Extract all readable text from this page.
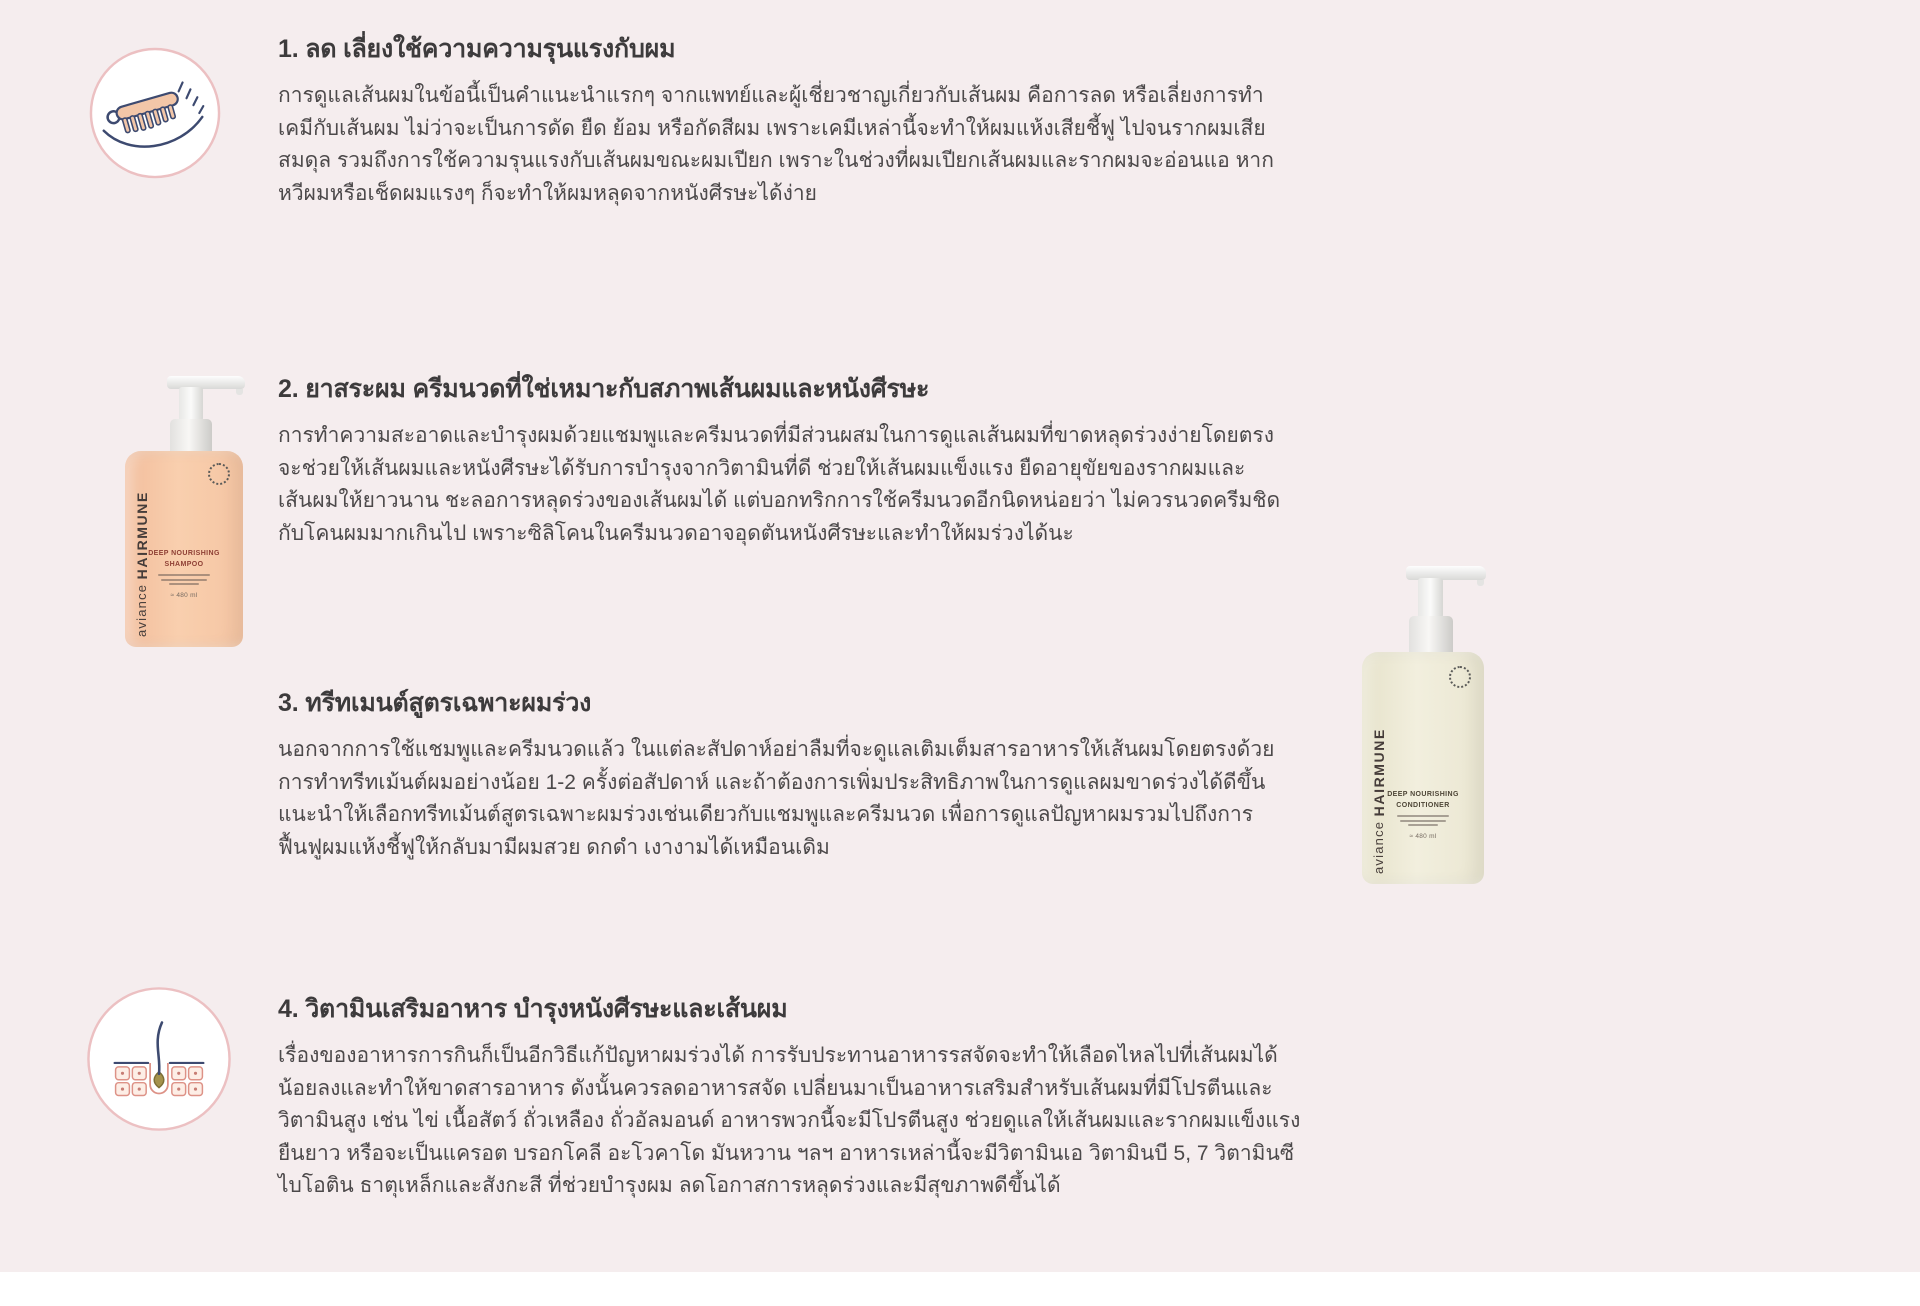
1. ลด เลี่ยงใช้ความความรุนแรงกับผม

การดูแลเส้นผมในข้อนี้เป็นคำแนะนำแรกๆ จากแพทย์และผู้เชี่ยวชาญเกี่ยวกับเส้นผม คือการลด หรือเลี่ยงการทำเคมีกับเส้นผม ไม่ว่าจะเป็นการดัด ยืด ย้อม หรือกัดสีผม เพราะเคมีเหล่านี้จะทำให้ผมแห้งเสียชี้ฟู ไปจนรากผมเสียสมดุล รวมถึงการใช้ความรุนแรงกับเส้นผมขณะผมเปียก เพราะในช่วงที่ผมเปียกเส้นผมและรากผมจะอ่อนแอ หากหวีผมหรือเช็ดผมแรงๆ ก็จะทำให้ผมหลุดจากหนังศีรษะได้ง่าย

aviance HAIRMUNE
DEEP NOURISHING
SHAMPOO
≈ 480 ml
2. ยาสระผม ครีมนวดที่ใช่เหมาะกับสภาพเส้นผมและหนังศีรษะ

การทำความสะอาดและบำรุงผมด้วยแชมพูและครีมนวดที่มีส่วนผสมในการดูแลเส้นผมที่ขาดหลุดร่วงง่ายโดยตรง จะช่วยให้เส้นผมและหนังศีรษะได้รับการบำรุงจากวิตามินที่ดี ช่วยให้เส้นผมแข็งแรง ยืดอายุขัยของรากผมและเส้นผมให้ยาวนาน ชะลอการหลุดร่วงของเส้นผมได้ แต่บอกทริกการใช้ครีมนวดอีกนิดหน่อยว่า ไม่ควรนวดครีมชิดกับโคนผมมากเกินไป เพราะซิลิโคนในครีมนวดอาจอุดตันหนังศีรษะและทำให้ผมร่วงได้นะ

3. ทรีทเมนต์สูตรเฉพาะผมร่วง

นอกจากการใช้แชมพูและครีมนวดแล้ว ในแต่ละสัปดาห์อย่าลืมที่จะดูแลเติมเต็มสารอาหารให้เส้นผมโดยตรงด้วยการทำทรีทเม้นต์ผมอย่างน้อย 1-2 ครั้งต่อสัปดาห์ และถ้าต้องการเพิ่มประสิทธิภาพในการดูแลผมขาดร่วงได้ดีขึ้น แนะนำให้เลือกทรีทเม้นต์สูตรเฉพาะผมร่วงเช่นเดียวกับแชมพูและครีมนวด เพื่อการดูแลปัญหาผมรวมไปถึงการฟื้นฟูผมแห้งชี้ฟูให้กลับมามีผมสวย ดกดำ เงางามได้เหมือนเดิม	aviance HAIRMUNE DEEP NOURISHING
CONDITIONER
≈ 480 ml
4. วิตามินเสริมอาหาร บำรุงหนังศีรษะและเส้นผม

เรื่องของอาหารการกินก็เป็นอีกวิธีแก้ปัญหาผมร่วงได้ การรับประทานอาหารรสจัดจะทำให้เลือดไหลไปที่เส้นผมได้น้อยลงและทำให้ขาดสารอาหาร ดังนั้นควรลดอาหารสจัด เปลี่ยนมาเป็นอาหารเสริมสำหรับเส้นผมที่มีโปรตีนและวิตามินสูง เช่น ไข่ เนื้อสัตว์ ถั่วเหลือง ถั่วอัลมอนด์ อาหารพวกนี้จะมีโปรตีนสูง ช่วยดูแลให้เส้นผมและรากผมแข็งแรง ยืนยาว หรือจะเป็นแครอต บรอกโคลี อะโวคาโด มันหวาน ฯลฯ อาหารเหล่านี้จะมีวิตามินเอ วิตามินบี 5, 7 วิตามินซี ไบโอติน ธาตุเหล็กและสังกะสี ที่ช่วยบำรุงผม ลดโอกาสการหลุดร่วงและมีสุขภาพดีขึ้นได้
